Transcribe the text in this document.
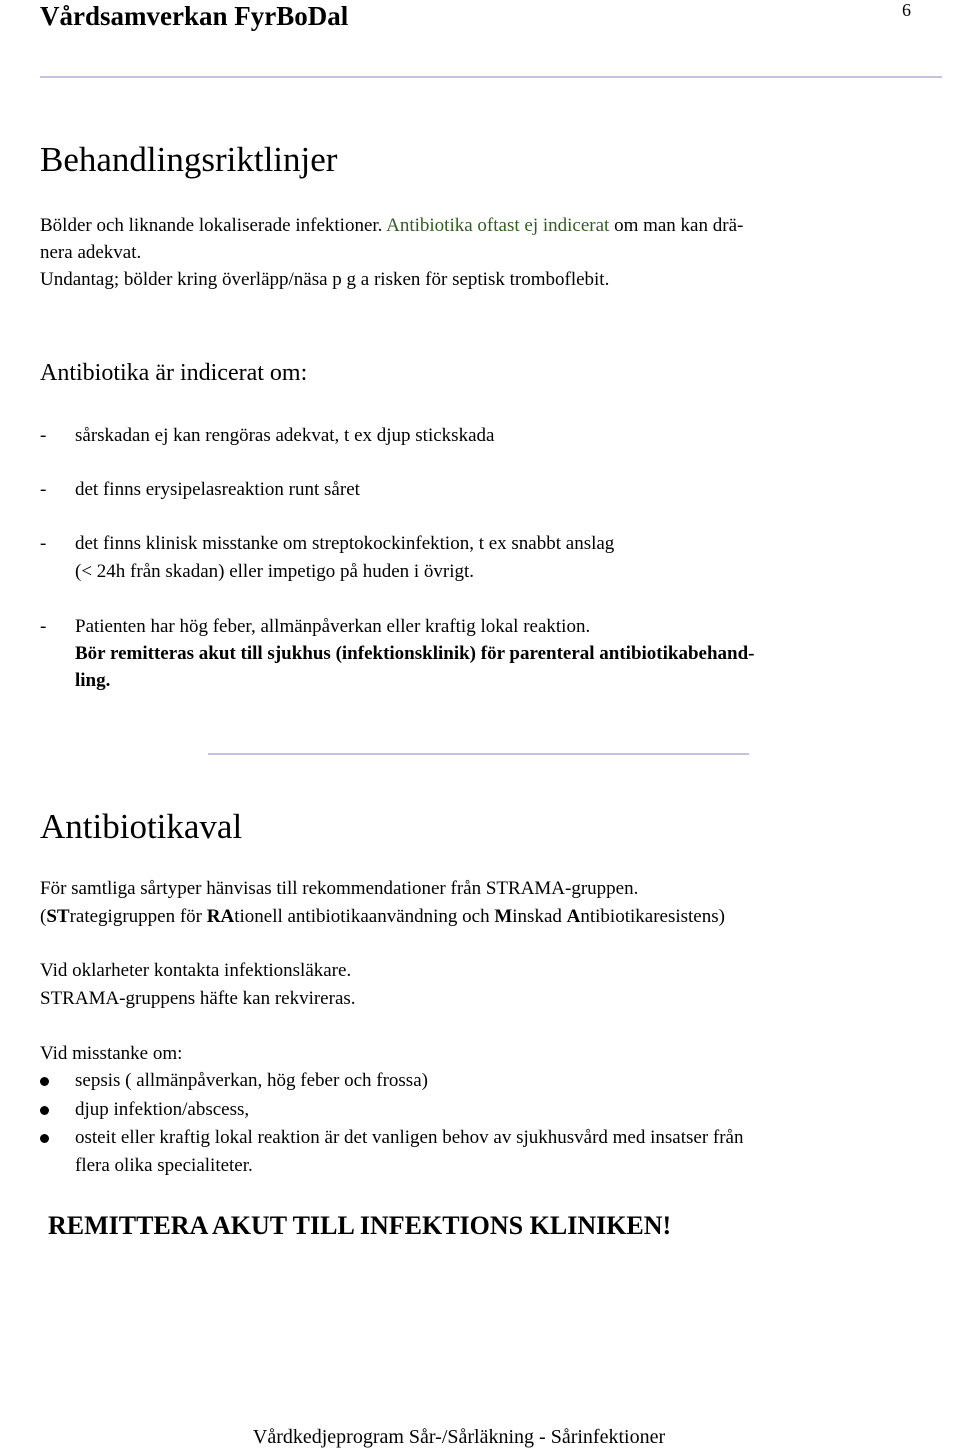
Vårdsamverkan FyrBoDal	6
Behandlingsriktlinjer
Bölder och liknande lokaliserade infektioner. Antibiotika oftast ej indicerat om man kan drä-
nera adekvat.
Undantag; bölder kring överläpp/näsa p g a risken för septisk tromboflebit.
Antibiotika är indicerat om:
- sårskadan ej kan rengöras adekvat, t ex djup stickskada
- det finns erysipelasreaktion runt såret
- det finns klinisk misstanke om streptokockinfektion, t ex snabbt anslag
(< 24h från skadan) eller impetigo på huden i övrigt.
- Patienten har hög feber, allmänpåverkan eller kraftig lokal reaktion.
Bör remitteras akut till sjukhus (infektionsklinik) för parenteral antibiotikabehand-
ling.
Antibiotikaval
För samtliga sårtyper hänvisas till rekommendationer från STRAMA-gruppen.
(STrategigruppen för RAtionell antibiotikaanvändning och Minskad Antibiotikaresistens)
Vid oklarheter kontakta infektionsläkare.
STRAMA-gruppens häfte kan rekvireras.
Vid misstanke om:
sepsis ( allmänpåverkan, hög feber och frossa)
djup infektion/abscess,
osteit eller kraftig lokal reaktion är det vanligen behov av sjukhusvård med insatser från
flera olika specialiteter.
REMITTERA AKUT TILL INFEKTIONS KLINIKEN!
Vårdkedjeprogram Sår-/Sårläkning - Sårinfektioner
